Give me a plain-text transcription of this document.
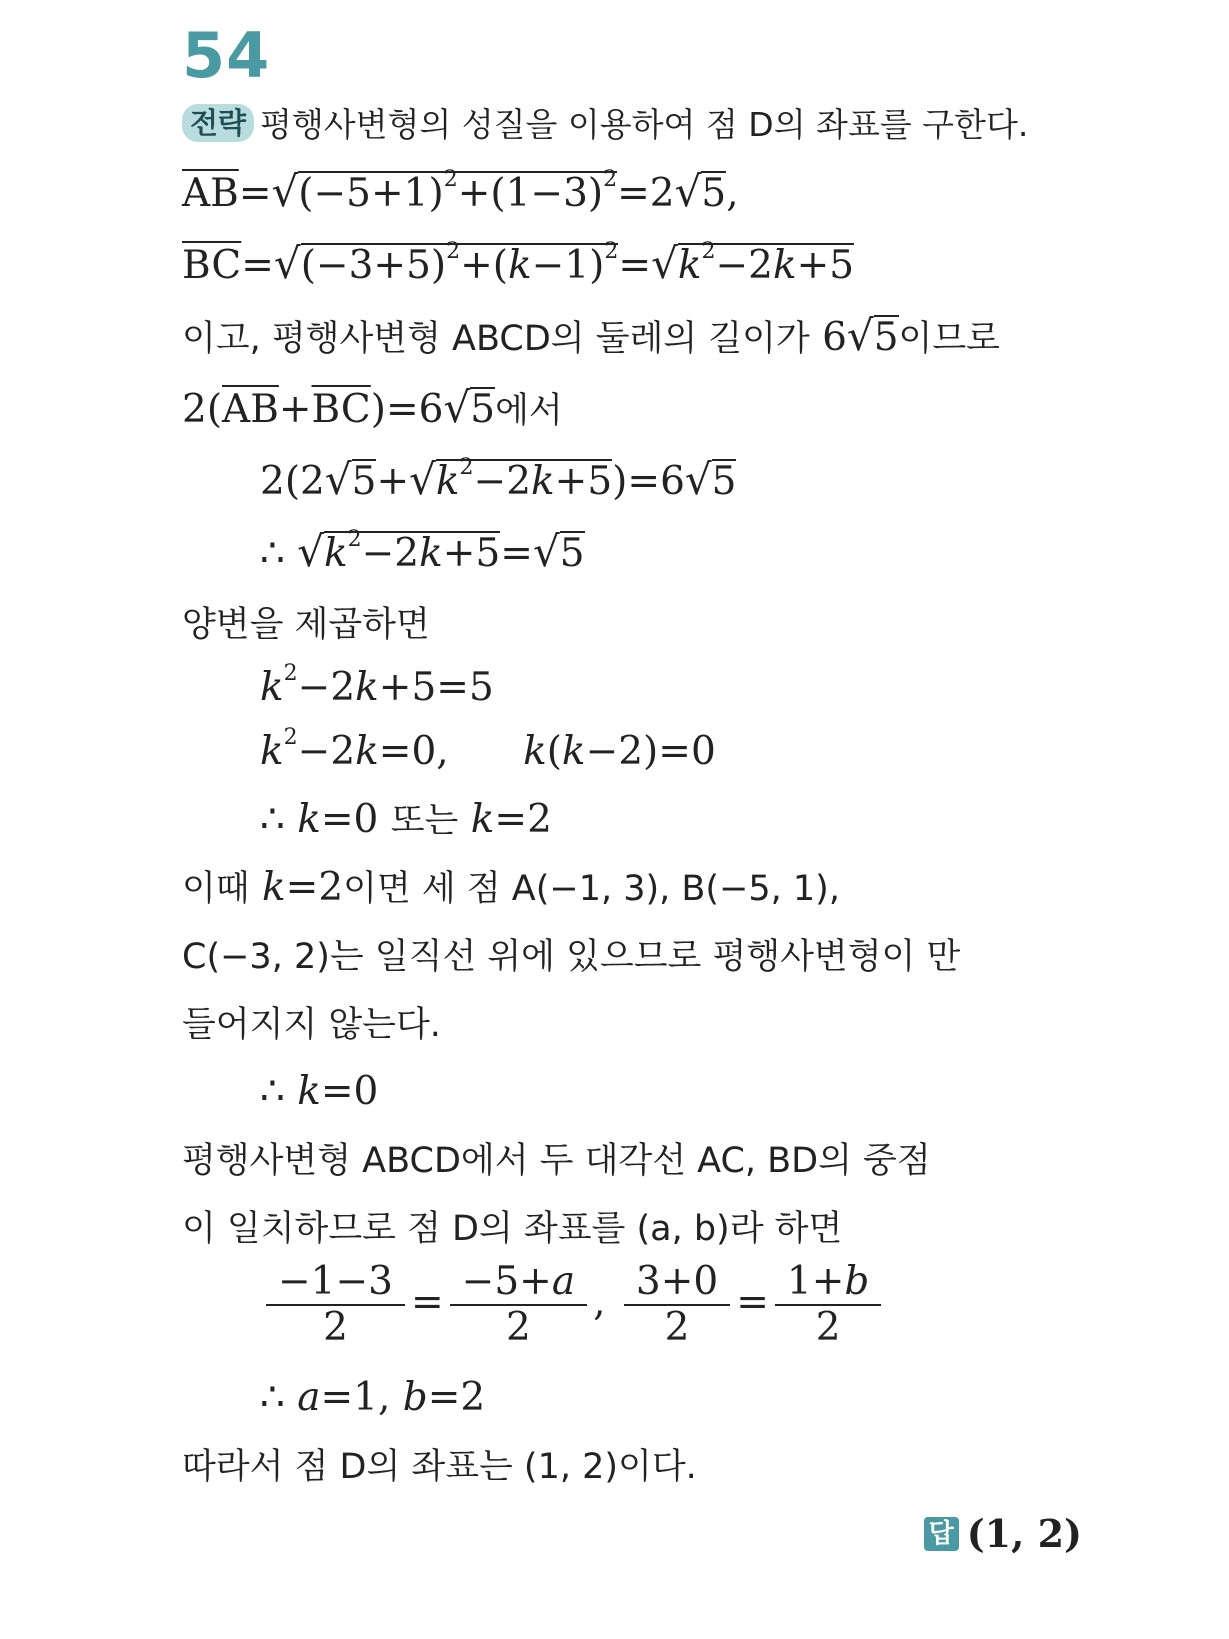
54
전략 평행사변형의 성질을 이용하여 점 D의 좌표를 구한다.
$\overline{AB}=√(-5+1)^2+(1-3)^2=2√5$,
$\overline{BC}=√(-3+5)^2+(k-1)^2=√k^2-2k+5$
이고, 평행사변형 ABCD의 둘레의 길이가 6√5이므로
$2(\overline{AB}+\overline{BC})=6√5$에서
$2(2√5+√k^2-2k+5)=6√5$
∴ $√k^2-2k+5=√5$
양변을 제곱하면
$k^2-2k+5=5$
$k^2-2k=0$,      k(k−2)=0
∴ k=0 또는 k=2
이때 k=2이면 세 점 A(−1, 3), B(−5, 1),
C(−3, 2)는 일직선 위에 있으므로 평행사변형이 만
들어지지 않는다.
∴ k=0
평행사변형 ABCD에서 두 대각선 AC, BD의 중점
이 일치하므로 점 D의 좌표를 (a, b)라 하면
$\frac{-1-3}{2} = \frac{-5+a}{2}$ , $\frac{3+0}{2} = \frac{1+b}{2}$
∴ a=1, b=2
따라서 점 D의 좌표는 (1, 2)이다.
답 (1, 2)
